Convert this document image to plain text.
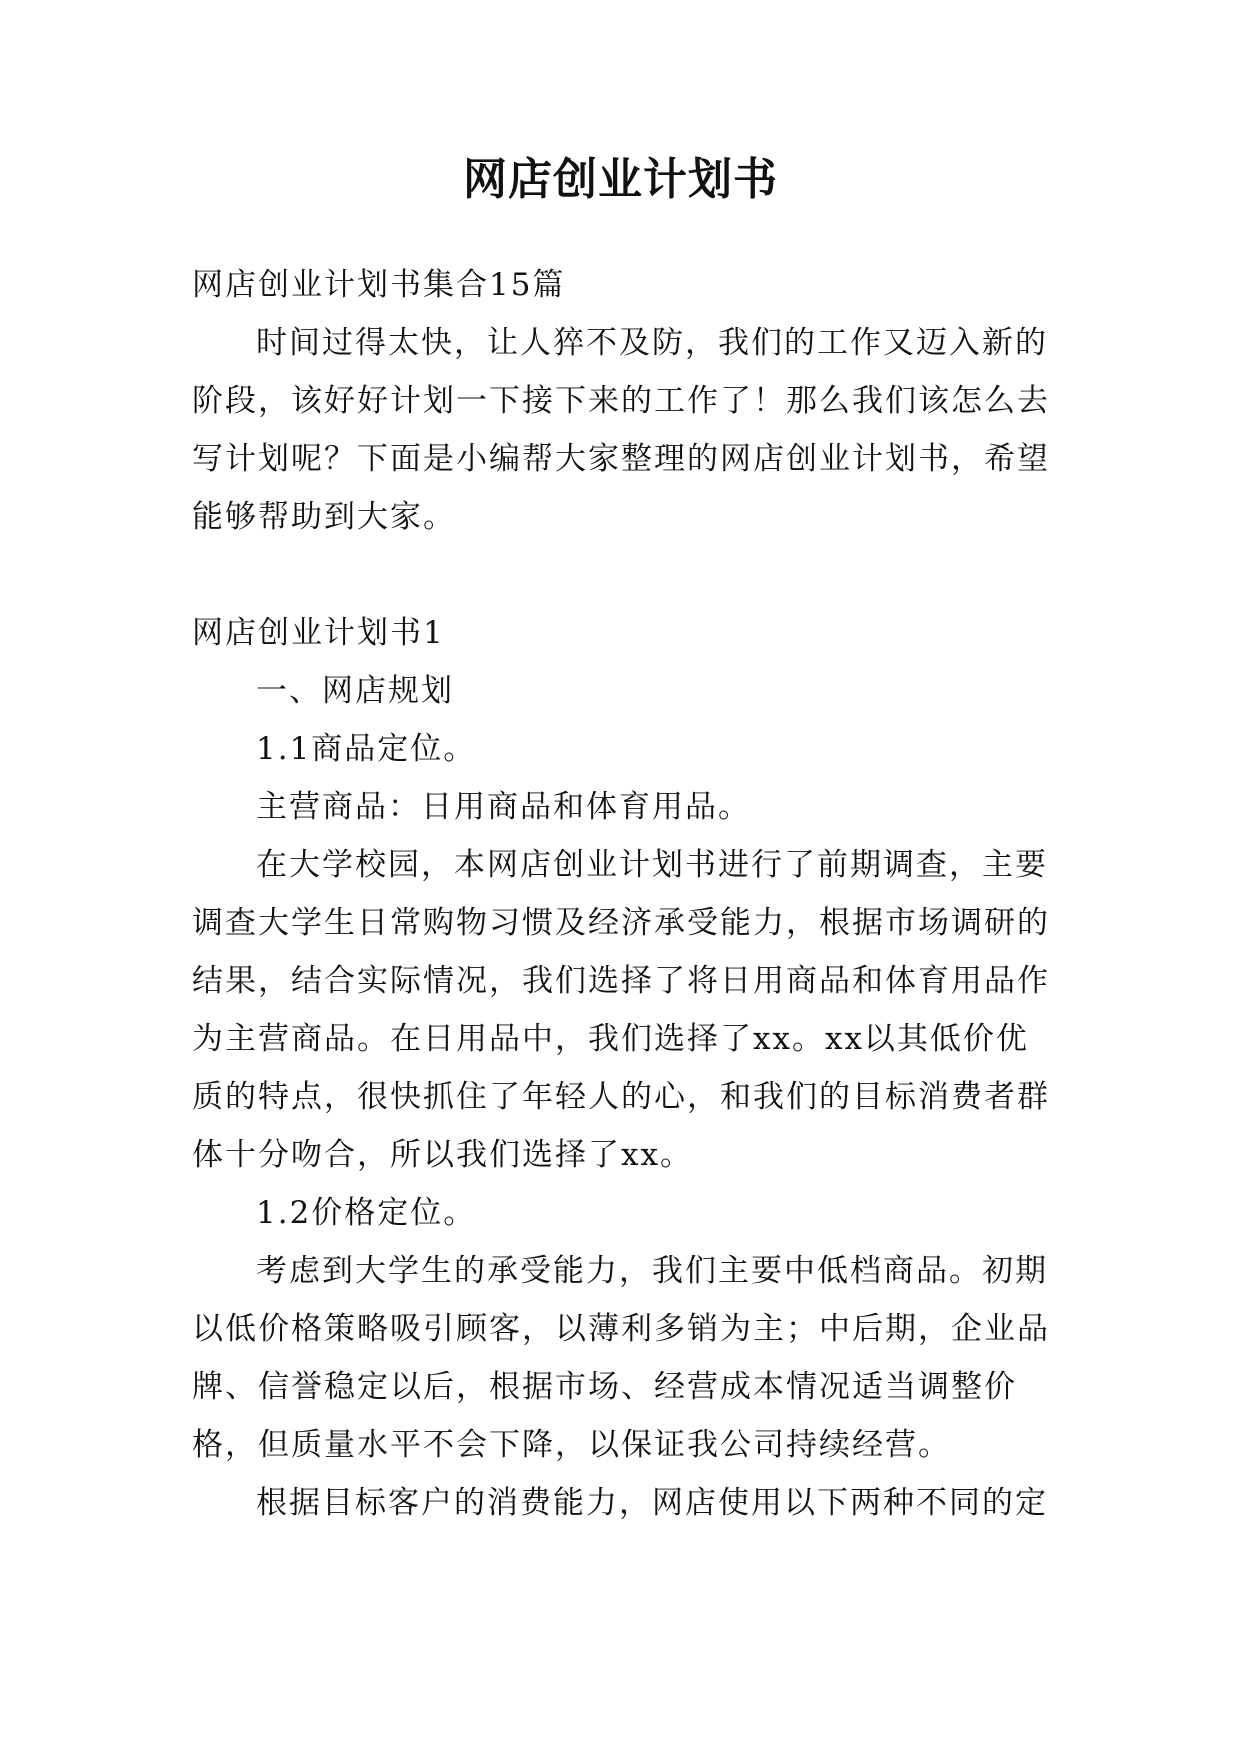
网店创业计划书

网店创业计划书集合15篇

时间过得太快，让人猝不及防，我们的工作又迈入新的阶段，该好好计划一下接下来的工作了！那么我们该怎么去写计划呢？下面是小编帮大家整理的网店创业计划书，希望能够帮助到大家。

网店创业计划书1

一、网店规划

1.1商品定位。

主营商品：日用商品和体育用品。

在大学校园，本网店创业计划书进行了前期调查，主要调查大学生日常购物习惯及经济承受能力，根据市场调研的结果，结合实际情况，我们选择了将日用商品和体育用品作为主营商品。在日用品中，我们选择了xx。xx以其低价优质的特点，很快抓住了年轻人的心，和我们的目标消费者群体十分吻合，所以我们选择了xx。

1.2价格定位。

考虑到大学生的承受能力，我们主要中低档商品。初期以低价格策略吸引顾客，以薄利多销为主；中后期，企业品牌、信誉稳定以后，根据市场、经营成本情况适当调整价格，但质量水平不会下降，以保证我公司持续经营。

根据目标客户的消费能力，网店使用以下两种不同的定
